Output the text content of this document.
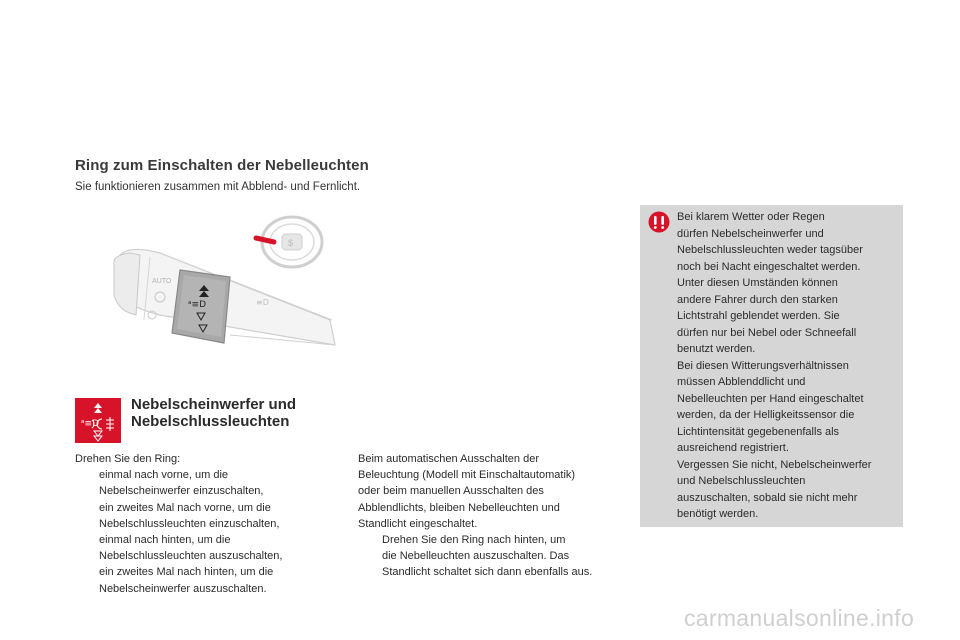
Ring zum Einschalten der Nebelleuchten
Sie funktionieren zusammen mit Abblend- und Fernlicht.
$
AUTO
ᵃ≡D	≡D
Bei klarem Wetter oder Regen
dürfen Nebelscheinwerfer und
Nebelschlussleuchten weder tagsüber
noch bei Nacht eingeschaltet werden.
Unter diesen Umständen können
andere Fahrer durch den starken
Lichtstrahl geblendet werden. Sie
dürfen nur bei Nebel oder Schneefall
benutzt werden.
Bei diesen Witterungsverhältnissen
müssen Abblenddlicht und
Nebelleuchten per Hand eingeschaltet
werden, da der Helligkeitssensor die
Lichtintensität gegebenenfalls als
ausreichend registriert.
Vergessen Sie nicht, Nebelscheinwerfer
und Nebelschlussleuchten
auszuschalten, sobald sie nicht mehr
benötigt werden.
ᵃ≡D
Nebelscheinwerfer und
Nebelschlussleuchten
Drehen Sie den Ring:
einmal nach vorne, um die
Nebelscheinwerfer einzuschalten,
ein zweites Mal nach vorne, um die
Nebelschlussleuchten einzuschalten,
einmal nach hinten, um die
Nebelschlussleuchten auszuschalten,
ein zweites Mal nach hinten, um die
Nebelscheinwerfer auszuschalten.
Beim automatischen Ausschalten der
Beleuchtung (Modell mit Einschaltautomatik)
oder beim manuellen Ausschalten des
Abblendlichts, bleiben Nebelleuchten und
Standlicht eingeschaltet.
Drehen Sie den Ring nach hinten, um
die Nebelleuchten auszuschalten. Das
Standlicht schaltet sich dann ebenfalls aus.
carmanualsonline.info
